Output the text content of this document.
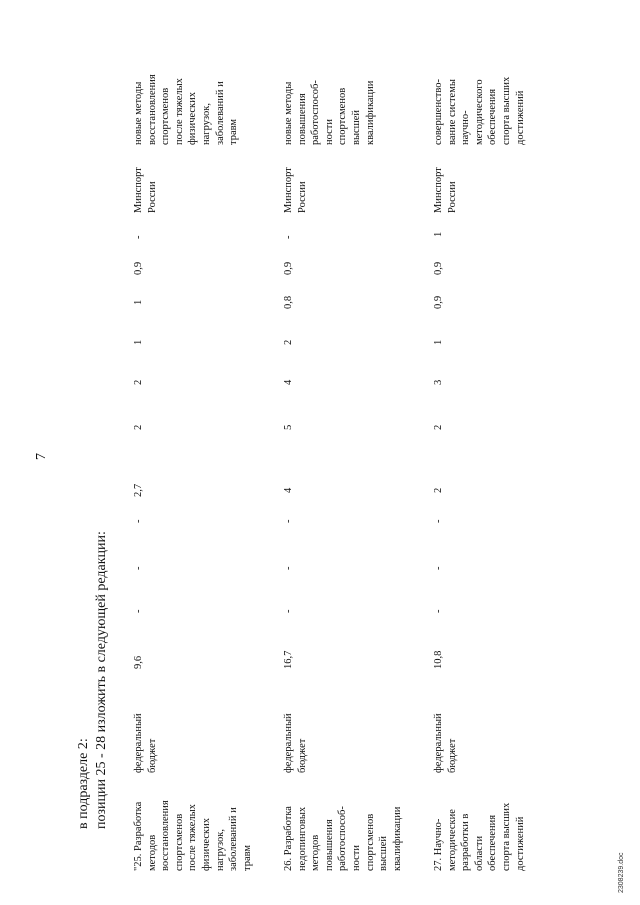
7
в подразделе 2: позиции 25 - 28 изложить в следующей редакции:
"25. Разработка
методов
восстановления
спортсменов
после тяжелых
физических
нагрузок,
заболеваний и
травм
федеральный
бюджет
9,6
-
-
-
2,7
2
2
1
1
0,9
-
Минспорт
России
новые методы
восстановления
спортсменов
после тяжелых
физических
нагрузок,
заболеваний и
травм
26. Разработка
недопинговых
методов
повышения
работоспособ-
ности
спортсменов
высшей
квалификации
федеральный
бюджет
16,7
-
-
-
4
5
4
2
0,8
0,9
-
Минспорт
России
новые методы
повышения
работоспособ-
ности
спортсменов
высшей
квалификации
27. Научно-
методические
разработки в
области
обеспечения
спорта высших
достижений
федеральный
бюджет
10,8
-
-
-
2
2
3
1
0,9
0,9
1
Минспорт
России
совершенство-
вание системы
научно-
методического
обеспечения
спорта высших
достижений
2308239.doc
